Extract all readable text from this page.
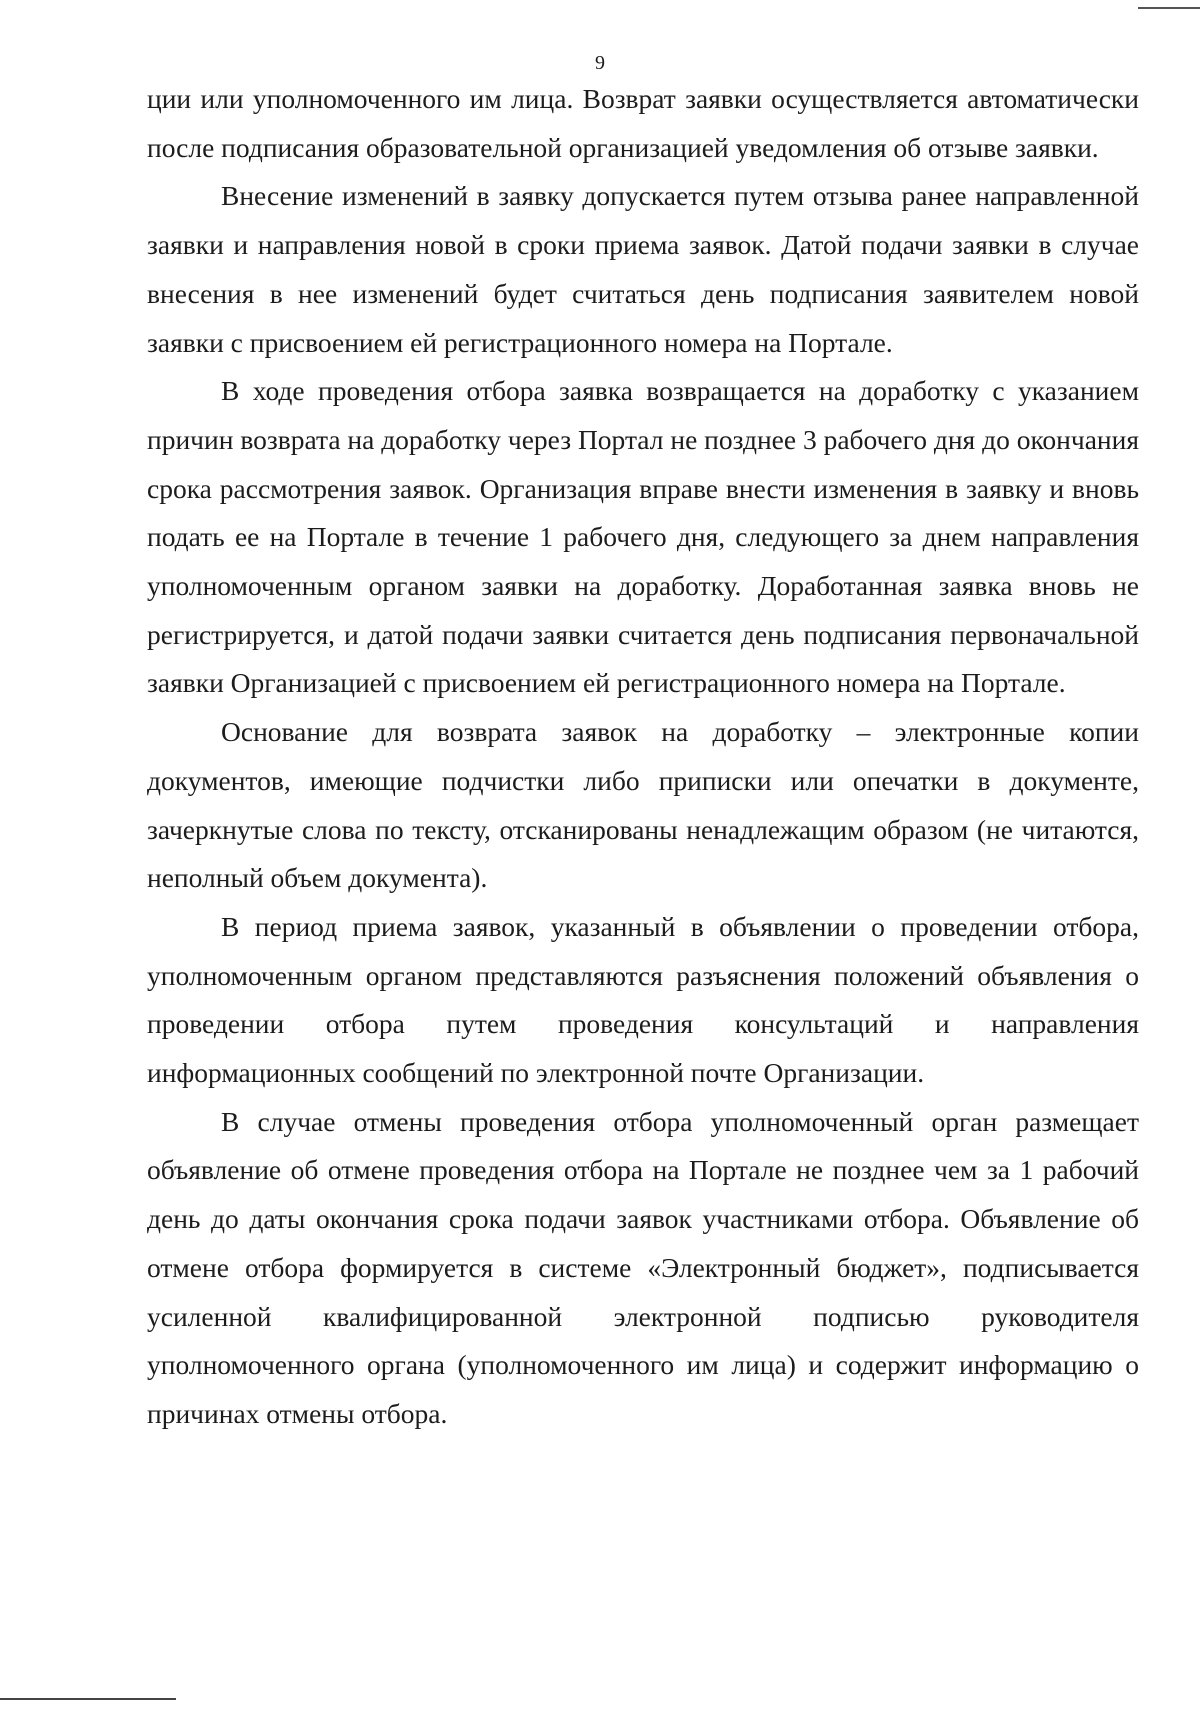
9

ции или уполномоченного им лица. Возврат заявки осуществляется автоматически после подписания образовательной организацией уведомления об отзыве заявки.

Внесение изменений в заявку допускается путем отзыва ранее направленной заявки и направления новой в сроки приема заявок. Датой подачи заявки в случае внесения в нее изменений будет считаться день подписания заявителем новой заявки с присвоением ей регистрационного номера на Портале.

В ходе проведения отбора заявка возвращается на доработку с указанием причин возврата на доработку через Портал не позднее 3 рабочего дня до окончания срока рассмотрения заявок. Организация вправе внести изменения в заявку и вновь подать ее на Портале в течение 1 рабочего дня, следующего за днем направления уполномоченным органом заявки на доработку. Доработанная заявка вновь не регистрируется, и датой подачи заявки считается день подписания первоначальной заявки Организацией с присвоением ей регистрационного номера на Портале.

Основание для возврата заявок на доработку – электронные копии документов, имеющие подчистки либо приписки или опечатки в документе, зачеркнутые слова по тексту, отсканированы ненадлежащим образом (не читаются, неполный объем документа).

В период приема заявок, указанный в объявлении о проведении отбора, уполномоченным органом представляются разъяснения положений объявления о проведении отбора путем проведения консультаций и направления информационных сообщений по электронной почте Организации.

В случае отмены проведения отбора уполномоченный орган размещает объявление об отмене проведения отбора на Портале не позднее чем за 1 рабочий день до даты окончания срока подачи заявок участниками отбора. Объявление об отмене отбора формируется в системе «Электронный бюджет», подписывается усиленной квалифицированной электронной подписью руководителя уполномоченного органа (уполномоченного им лица) и содержит информацию о причинах отмены отбора.
